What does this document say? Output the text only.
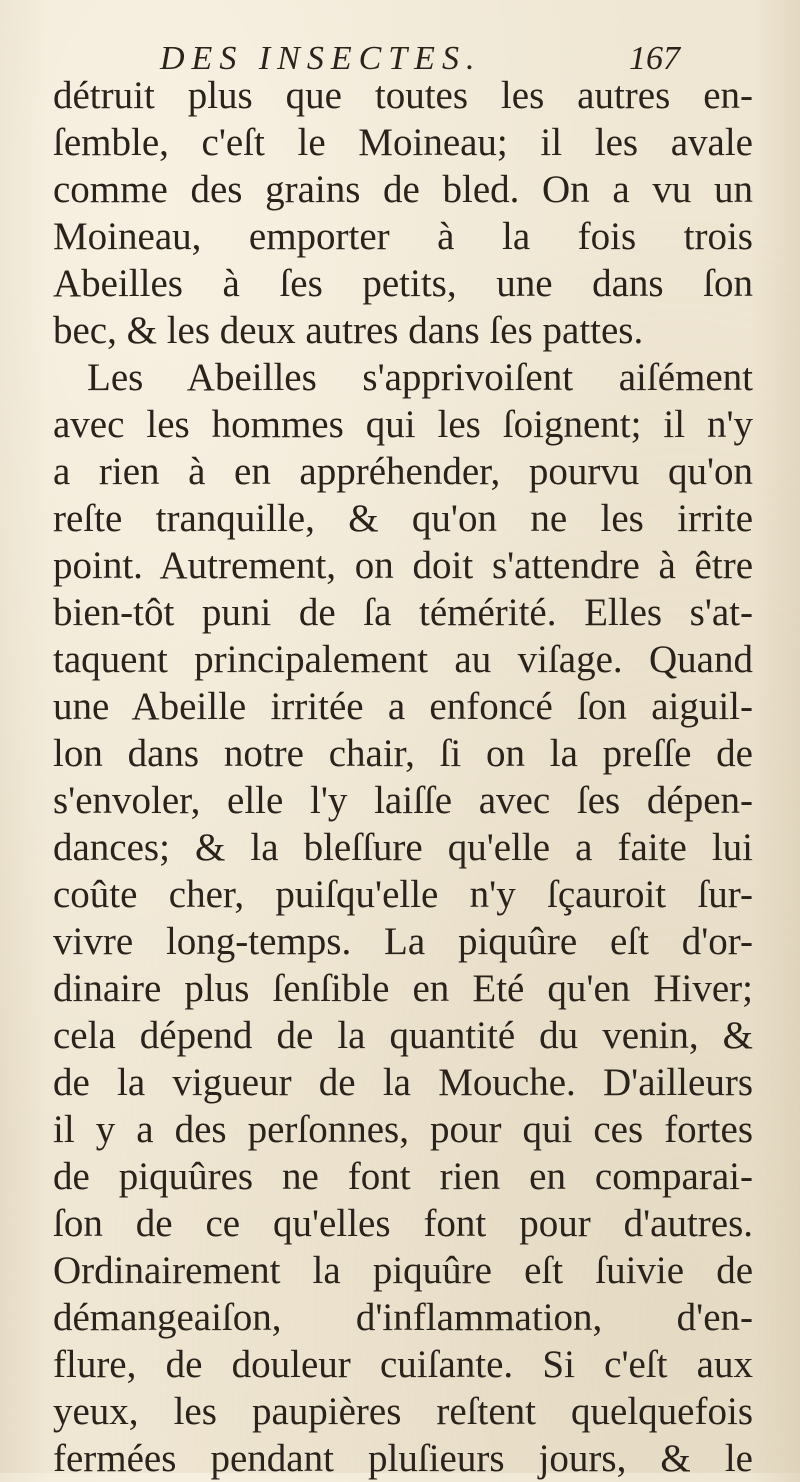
DES INSECTES.	167
détruit plus que toutes les autres en-
ſemble, c'eſt le Moineau; il les avale
comme des grains de bled. On a vu un
Moineau, emporter à la fois trois
Abeilles à ſes petits, une dans ſon
bec, & les deux autres dans ſes pattes.
Les Abeilles s'apprivoiſent aiſément
avec les hommes qui les ſoignent; il n'y
a rien à en appréhender, pourvu qu'on
reſte tranquille, & qu'on ne les irrite
point. Autrement, on doit s'attendre à être
bien-tôt puni de ſa témérité. Elles s'at-
taquent principalement au viſage. Quand
une Abeille irritée a enfoncé ſon aiguil-
lon dans notre chair, ſi on la preſſe de
s'envoler, elle l'y laiſſe avec ſes dépen-
dances; & la bleſſure qu'elle a faite lui
coûte cher, puiſqu'elle n'y ſçauroit ſur-
vivre long-temps. La piquûre eſt d'or-
dinaire plus ſenſible en Eté qu'en Hiver;
cela dépend de la quantité du venin, &
de la vigueur de la Mouche. D'ailleurs
il y a des perſonnes, pour qui ces fortes
de piquûres ne font rien en comparai-
ſon de ce qu'elles font pour d'autres.
Ordinairement la piquûre eſt ſuivie de
démangeaiſon, d'inflammation, d'en-
flure, de douleur cuiſante. Si c'eſt aux
yeux, les paupières reſtent quelquefois
fermées pendant pluſieurs jours, & le
